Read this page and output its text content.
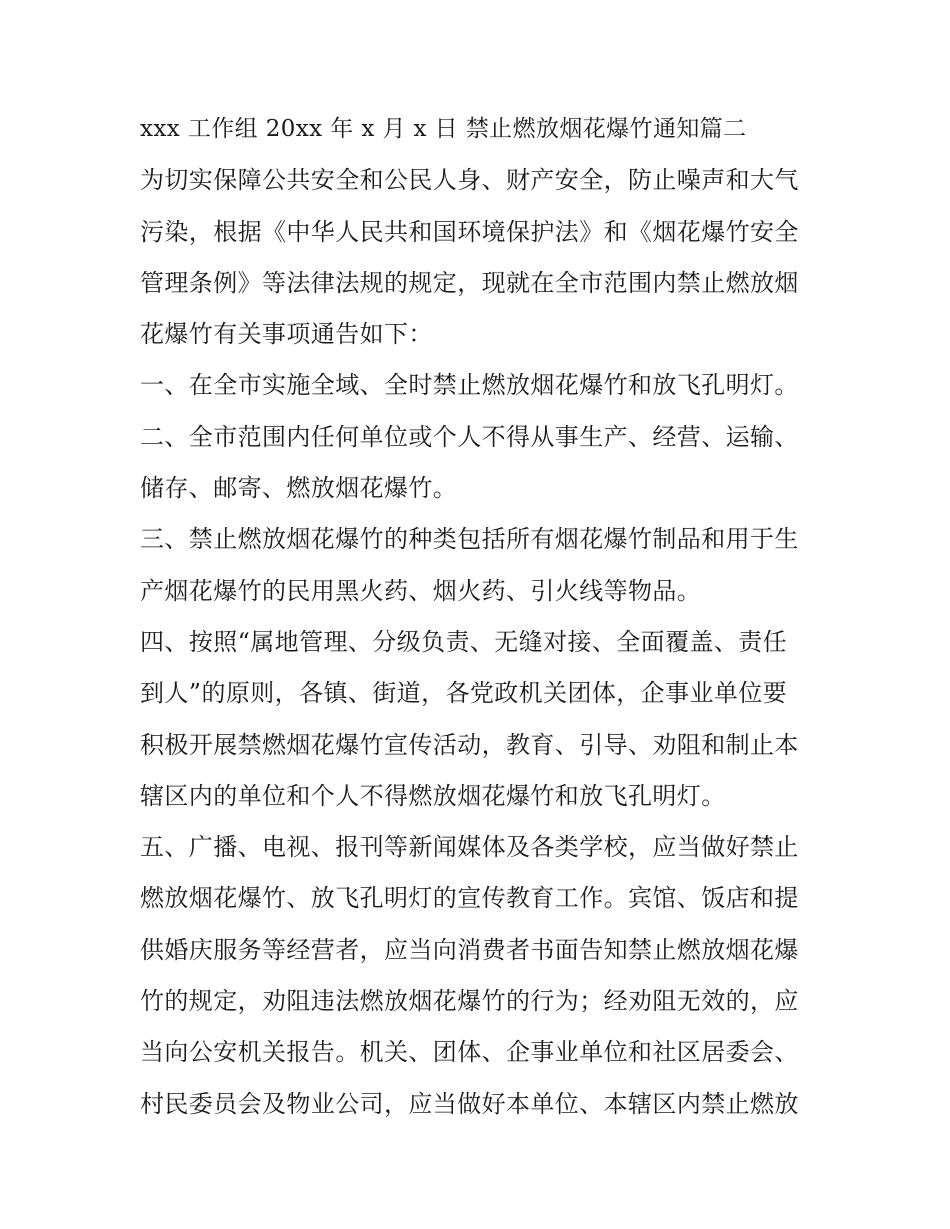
xxx 工作组 20xx 年 x 月 x 日 禁止燃放烟花爆竹通知篇二
为切实保障公共安全和公民人身、财产安全，防止噪声和大气
污染，根据《中华人民共和国环境保护法》和《烟花爆竹安全
管理条例》等法律法规的规定，现就在全市范围内禁止燃放烟
花爆竹有关事项通告如下：
一、在全市实施全域、全时禁止燃放烟花爆竹和放飞孔明灯。
二、全市范围内任何单位或个人不得从事生产、经营、运输、
储存、邮寄、燃放烟花爆竹。
三、禁止燃放烟花爆竹的种类包括所有烟花爆竹制品和用于生
产烟花爆竹的民用黑火药、烟火药、引火线等物品。
四、按照“属地管理、分级负责、无缝对接、全面覆盖、责任
到人”的原则，各镇、街道，各党政机关团体，企事业单位要
积极开展禁燃烟花爆竹宣传活动，教育、引导、劝阻和制止本
辖区内的单位和个人不得燃放烟花爆竹和放飞孔明灯。
五、广播、电视、报刊等新闻媒体及各类学校，应当做好禁止
燃放烟花爆竹、放飞孔明灯的宣传教育工作。宾馆、饭店和提
供婚庆服务等经营者，应当向消费者书面告知禁止燃放烟花爆
竹的规定，劝阻违法燃放烟花爆竹的行为；经劝阻无效的，应
当向公安机关报告。机关、团体、企事业单位和社区居委会、
村民委员会及物业公司，应当做好本单位、本辖区内禁止燃放
